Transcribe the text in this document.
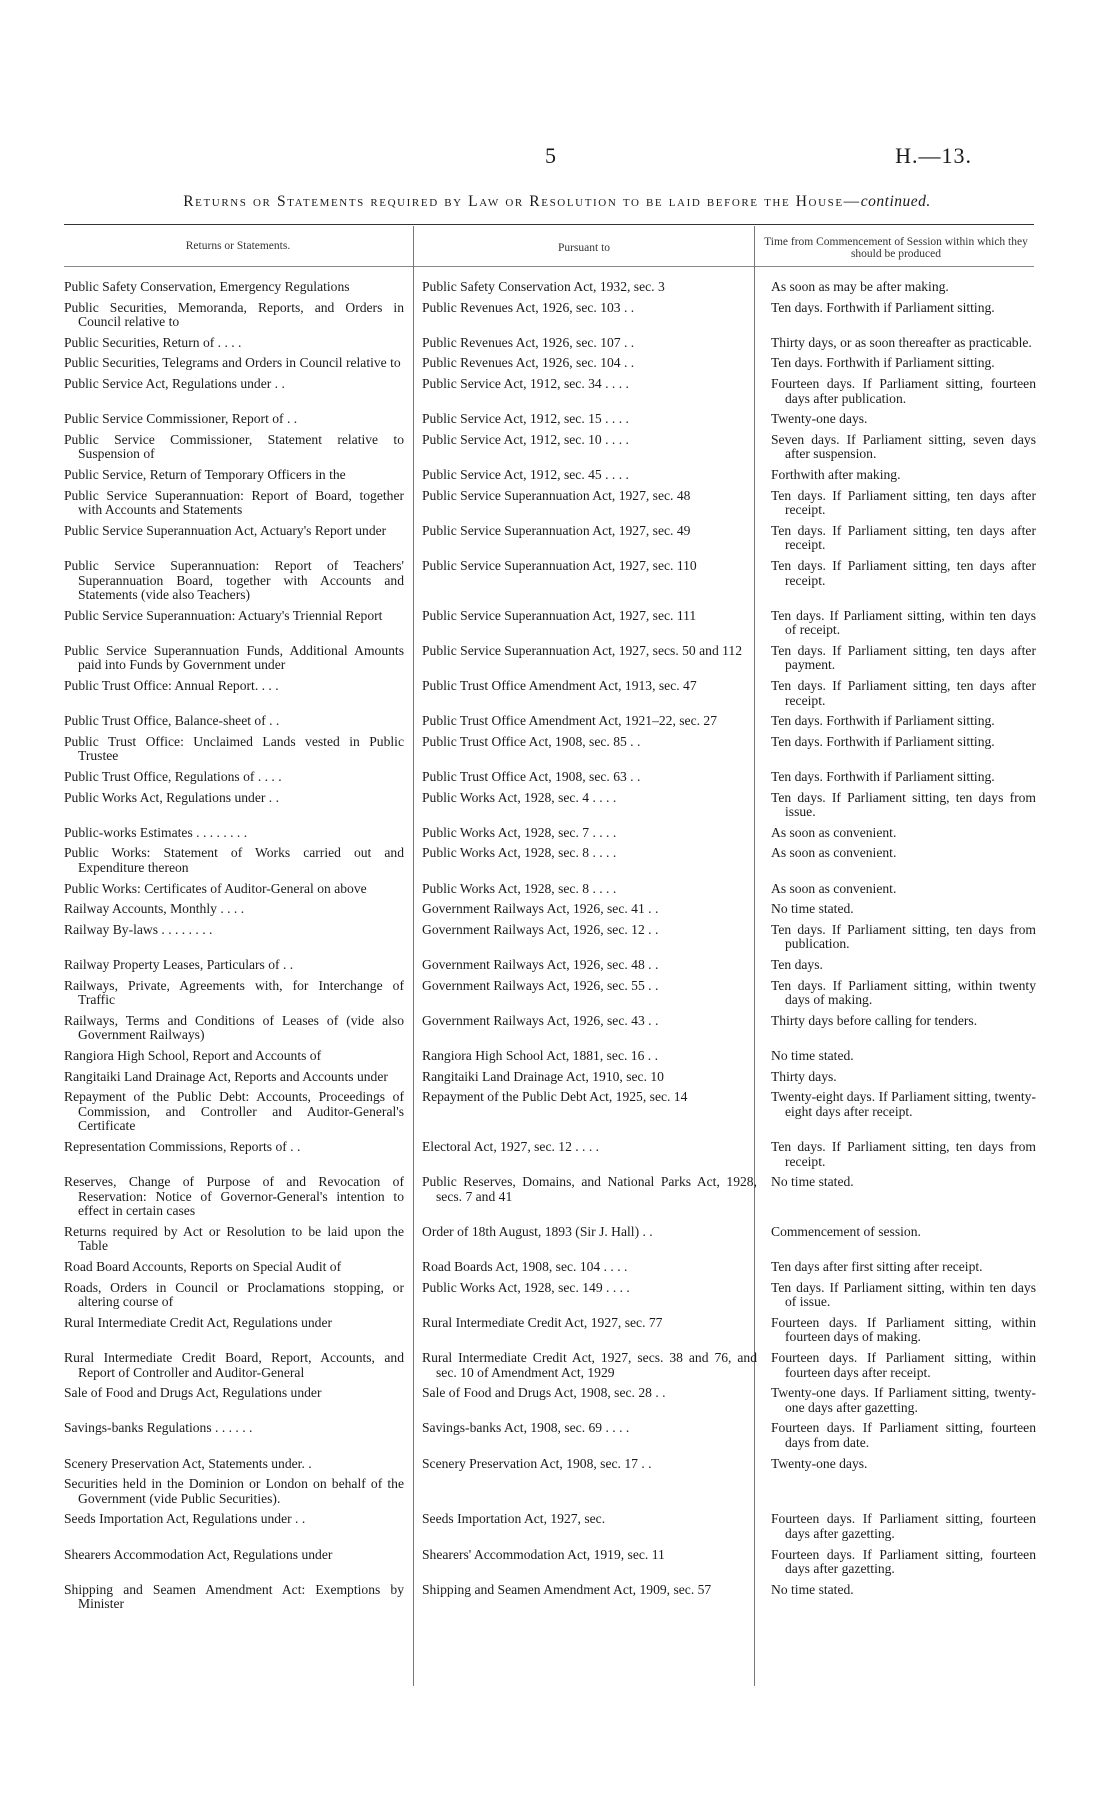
5	H.—13.
Returns or Statements required by Law or Resolution to be laid before the House—continued.
Returns or Statements.	Pursuant to	Time from Commencement of Session within which they should be produced
Public Safety Conservation, Emergency Regulations	Public Safety Conservation Act, 1932, sec. 3	As soon as may be after making.

Public Securities, Memoranda, Reports, and Orders in Council relative to	Public Revenues Act, 1926, sec. 103 . .	Ten days. Forthwith if Parliament sitting.

Public Securities, Return of . . . .	Public Revenues Act, 1926, sec. 107 . .	Thirty days, or as soon thereafter as practicable.

Public Securities, Telegrams and Orders in Council relative to	Public Revenues Act, 1926, sec. 104 . .	Ten days. Forthwith if Parliament sitting.

Public Service Act, Regulations under . .	Public Service Act, 1912, sec. 34 . . . .	Fourteen days. If Parliament sitting, fourteen days after publication.

Public Service Commissioner, Report of . .	Public Service Act, 1912, sec. 15 . . . .	Twenty-one days.

Public Service Commissioner, Statement relative to Suspension of	Public Service Act, 1912, sec. 10 . . . .	Seven days. If Parliament sitting, seven days after suspension.

Public Service, Return of Temporary Officers in the	Public Service Act, 1912, sec. 45 . . . .	Forthwith after making.

Public Service Superannuation: Report of Board, together with Accounts and Statements	Public Service Superannuation Act, 1927, sec. 48	Ten days. If Parliament sitting, ten days after receipt.

Public Service Superannuation Act, Actuary's Report under	Public Service Superannuation Act, 1927, sec. 49	Ten days. If Parliament sitting, ten days after receipt.

Public Service Superannuation: Report of Teachers' Superannuation Board, together with Accounts and Statements (vide also Teachers)	Public Service Superannuation Act, 1927, sec. 110	Ten days. If Parliament sitting, ten days after receipt.

Public Service Superannuation: Actuary's Triennial Report	Public Service Superannuation Act, 1927, sec. 111	Ten days. If Parliament sitting, within ten days of receipt.

Public Service Superannuation Funds, Additional Amounts paid into Funds by Government under	Public Service Superannuation Act, 1927, secs. 50 and 112	Ten days. If Parliament sitting, ten days after payment.

Public Trust Office: Annual Report. . . .	Public Trust Office Amendment Act, 1913, sec. 47	Ten days. If Parliament sitting, ten days after receipt.

Public Trust Office, Balance-sheet of . .	Public Trust Office Amendment Act, 1921–22, sec. 27	Ten days. Forthwith if Parliament sitting.

Public Trust Office: Unclaimed Lands vested in Public Trustee	Public Trust Office Act, 1908, sec. 85 . .	Ten days. Forthwith if Parliament sitting.

Public Trust Office, Regulations of . . . .	Public Trust Office Act, 1908, sec. 63 . .	Ten days. Forthwith if Parliament sitting.

Public Works Act, Regulations under . .	Public Works Act, 1928, sec. 4 . . . .	Ten days. If Parliament sitting, ten days from issue.

Public-works Estimates . . . . . . . .	Public Works Act, 1928, sec. 7 . . . .	As soon as convenient.

Public Works: Statement of Works carried out and Expenditure thereon	Public Works Act, 1928, sec. 8 . . . .	As soon as convenient.

Public Works: Certificates of Auditor-General on above	Public Works Act, 1928, sec. 8 . . . .	As soon as convenient.

Railway Accounts, Monthly . . . .	Government Railways Act, 1926, sec. 41 . .	No time stated.

Railway By-laws . . . . . . . .	Government Railways Act, 1926, sec. 12 . .	Ten days. If Parliament sitting, ten days from publication.

Railway Property Leases, Particulars of . .	Government Railways Act, 1926, sec. 48 . .	Ten days.

Railways, Private, Agreements with, for Interchange of Traffic	Government Railways Act, 1926, sec. 55 . .	Ten days. If Parliament sitting, within twenty days of making.

Railways, Terms and Conditions of Leases of (vide also Government Railways)	Government Railways Act, 1926, sec. 43 . .	Thirty days before calling for tenders.

Rangiora High School, Report and Accounts of	Rangiora High School Act, 1881, sec. 16 . .	No time stated.

Rangitaiki Land Drainage Act, Reports and Accounts under	Rangitaiki Land Drainage Act, 1910, sec. 10	Thirty days.

Repayment of the Public Debt: Accounts, Proceedings of Commission, and Controller and Auditor-General's Certificate	Repayment of the Public Debt Act, 1925, sec. 14	Twenty-eight days. If Parliament sitting, twenty-eight days after receipt.

Representation Commissions, Reports of . .	Electoral Act, 1927, sec. 12 . . . .	Ten days. If Parliament sitting, ten days from receipt.

Reserves, Change of Purpose of and Revocation of Reservation: Notice of Governor-General's intention to effect in certain cases	Public Reserves, Domains, and National Parks Act, 1928, secs. 7 and 41	No time stated.

Returns required by Act or Resolution to be laid upon the Table	Order of 18th August, 1893 (Sir J. Hall) . .	Commencement of session.

Road Board Accounts, Reports on Special Audit of	Road Boards Act, 1908, sec. 104 . . . .	Ten days after first sitting after receipt.

Roads, Orders in Council or Proclamations stopping, or altering course of	Public Works Act, 1928, sec. 149 . . . .	Ten days. If Parliament sitting, within ten days of issue.

Rural Intermediate Credit Act, Regulations under	Rural Intermediate Credit Act, 1927, sec. 77	Fourteen days. If Parliament sitting, within fourteen days of making.

Rural Intermediate Credit Board, Report, Accounts, and Report of Controller and Auditor-General	Rural Intermediate Credit Act, 1927, secs. 38 and 76, and sec. 10 of Amendment Act, 1929	Fourteen days. If Parliament sitting, within fourteen days after receipt.

Sale of Food and Drugs Act, Regulations under	Sale of Food and Drugs Act, 1908, sec. 28 . .	Twenty-one days. If Parliament sitting, twenty-one days after gazetting.

Savings-banks Regulations . . . . . .	Savings-banks Act, 1908, sec. 69 . . . .	Fourteen days. If Parliament sitting, fourteen days from date.

Scenery Preservation Act, Statements under. .	Scenery Preservation Act, 1908, sec. 17 . .	Twenty-one days.

Securities held in the Dominion or London on behalf of the Government (vide Public Securities).		

Seeds Importation Act, Regulations under . .	Seeds Importation Act, 1927, sec.	Fourteen days. If Parliament sitting, fourteen days after gazetting.

Shearers Accommodation Act, Regulations under	Shearers' Accommodation Act, 1919, sec. 11	Fourteen days. If Parliament sitting, fourteen days after gazetting.

Shipping and Seamen Amendment Act: Exemptions by Minister	Shipping and Seamen Amendment Act, 1909, sec. 57	No time stated.
